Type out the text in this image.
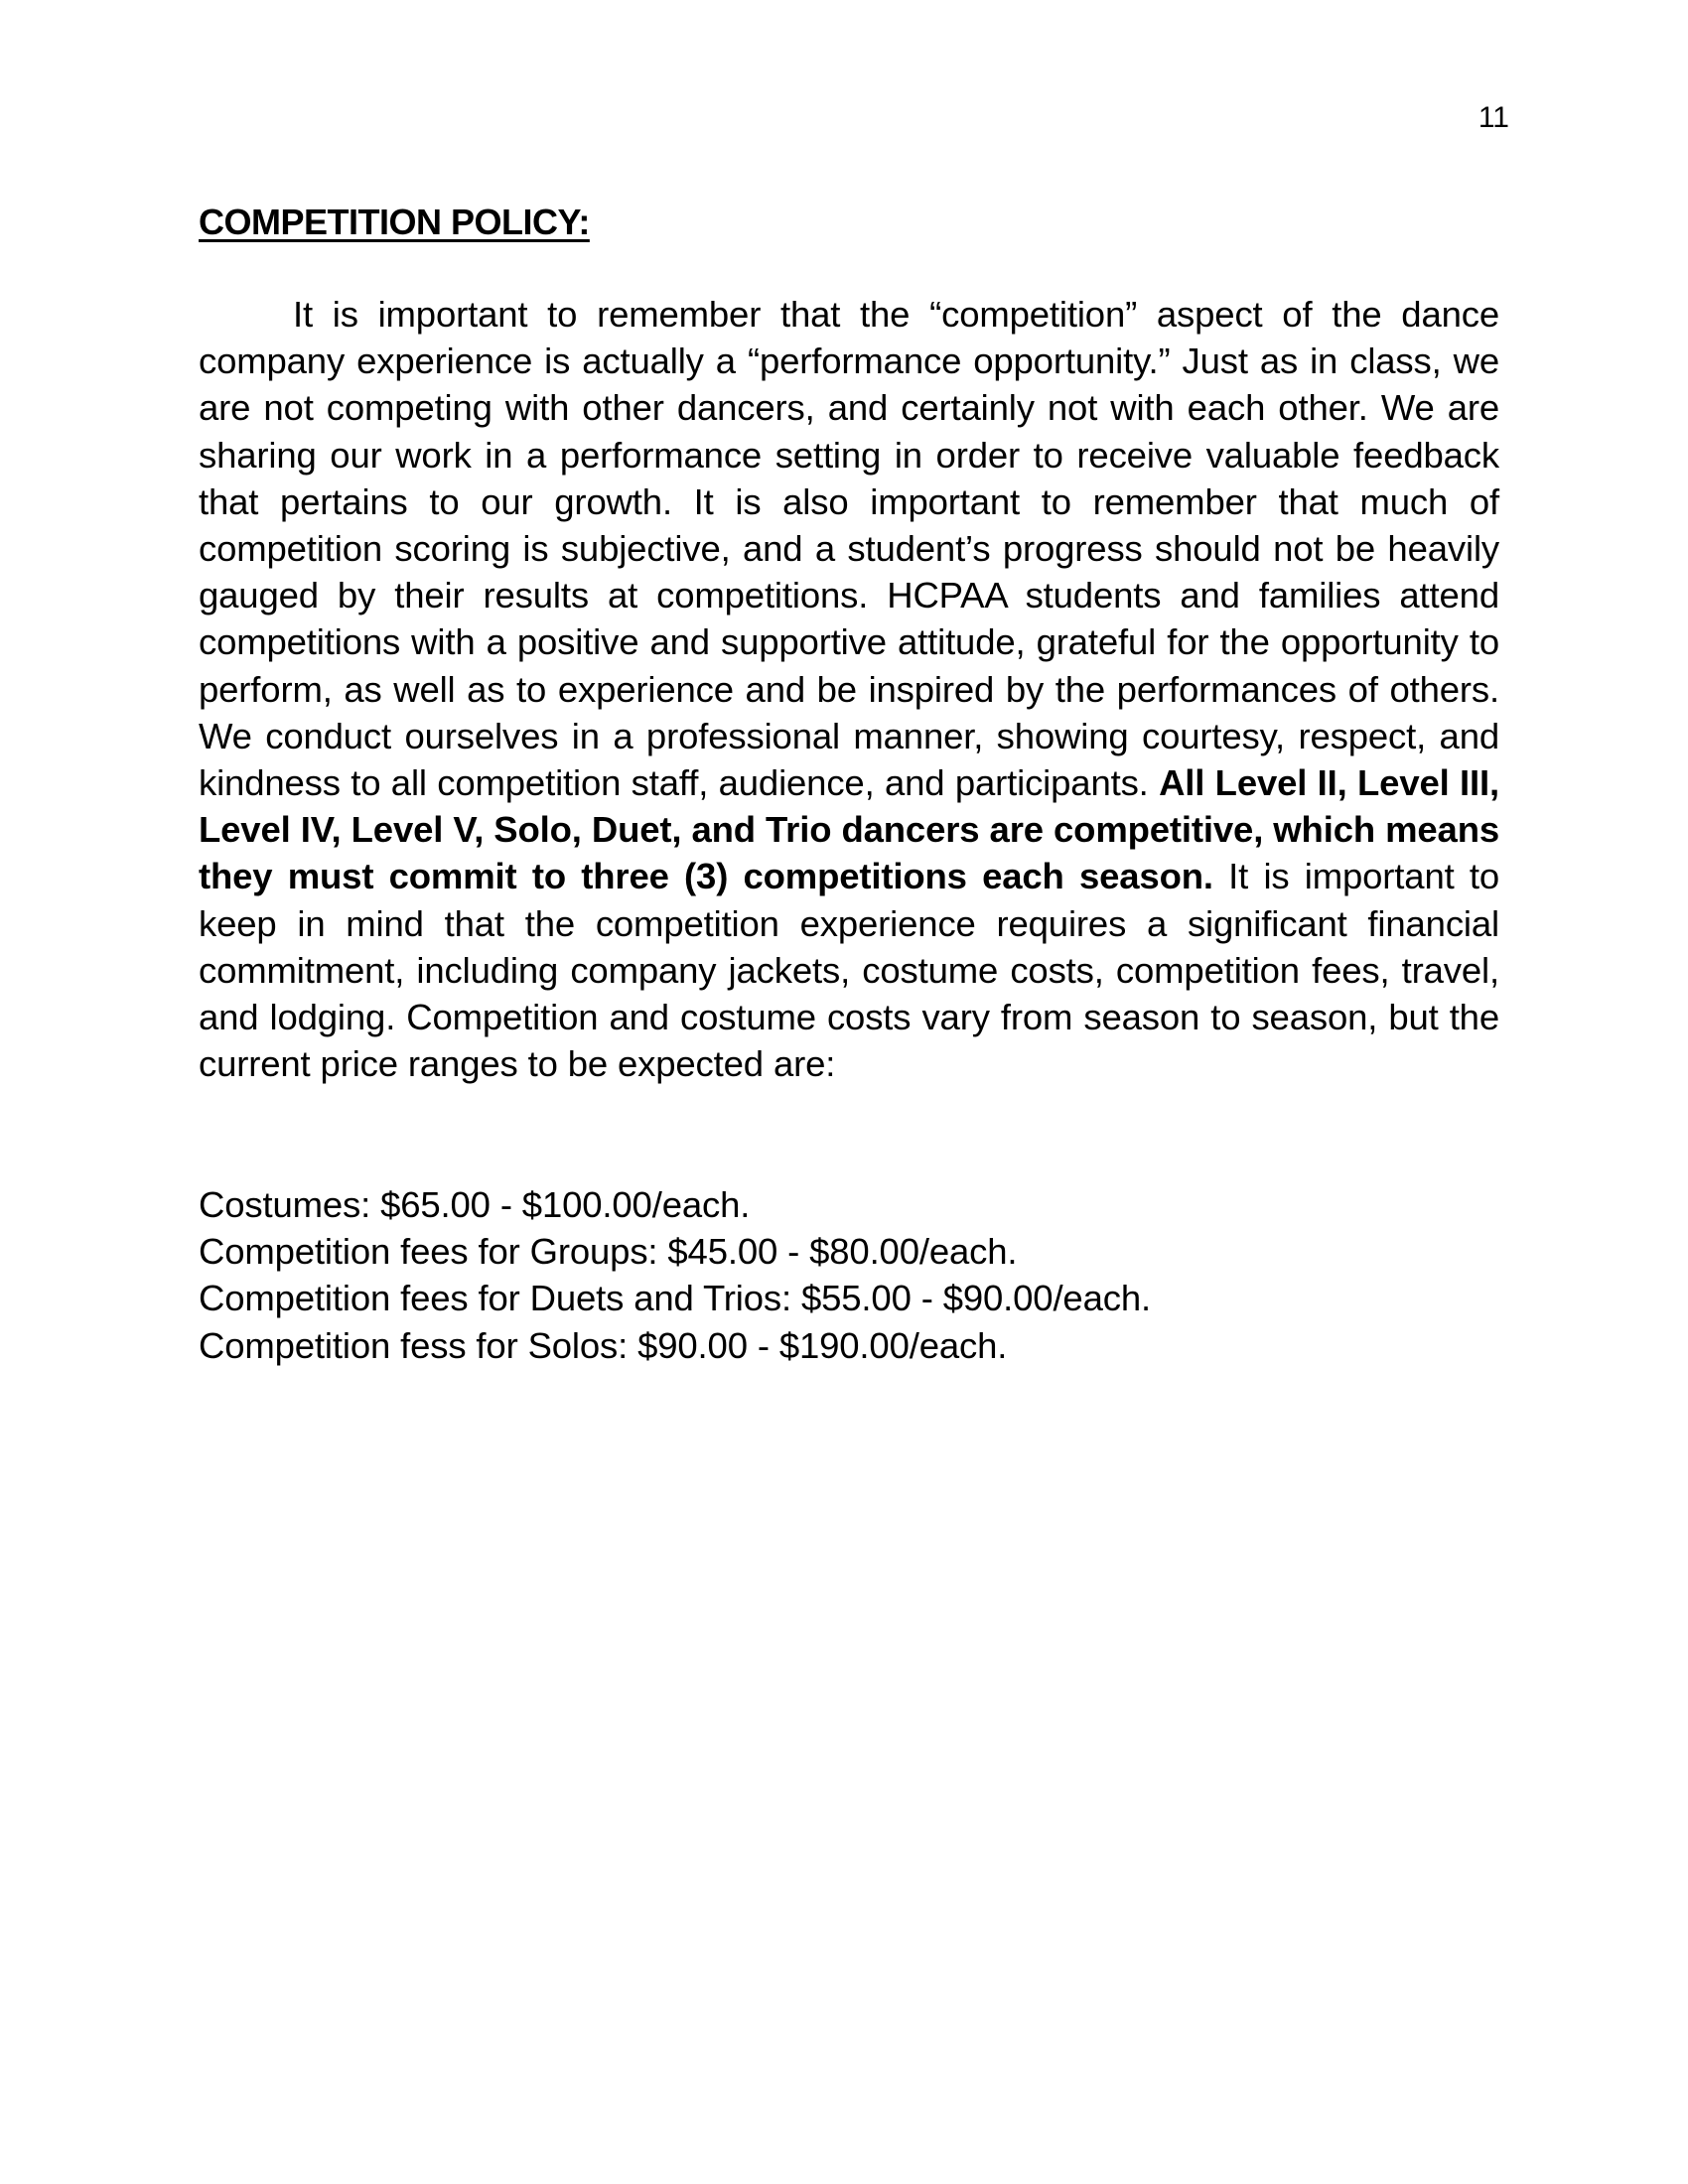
11
COMPETITION POLICY:

It is important to remember that the “competition” aspect of the dance company experience is actually a “performance opportunity.” Just as in class, we are not competing with other dancers, and certainly not with each other. We are sharing our work in a performance setting in order to receive valuable feedback that pertains to our growth. It is also important to remember that much of competition scoring is subjective, and a student’s progress should not be heavily gauged by their results at competitions. HCPAA students and families attend competitions with a positive and supportive attitude, grateful for the opportunity to perform, as well as to experience and be inspired by the performances of others. We conduct ourselves in a professional manner, showing courtesy, respect, and kindness to all competition staff, audience, and participants. All Level II, Level III, Level IV, Level V, Solo, Duet, and Trio dancers are competitive, which means they must commit to three (3) competitions each season. It is important to keep in mind that the competition experience requires a significant financial commitment, including company jackets, costume costs, competition fees, travel, and lodging. Competition and costume costs vary from season to season, but the current price ranges to be expected are:

Costumes: $65.00 - $100.00/each.
Competition fees for Groups: $45.00 - $80.00/each.
Competition fees for Duets and Trios: $55.00 - $90.00/each.
Competition fess for Solos: $90.00 - $190.00/each.
